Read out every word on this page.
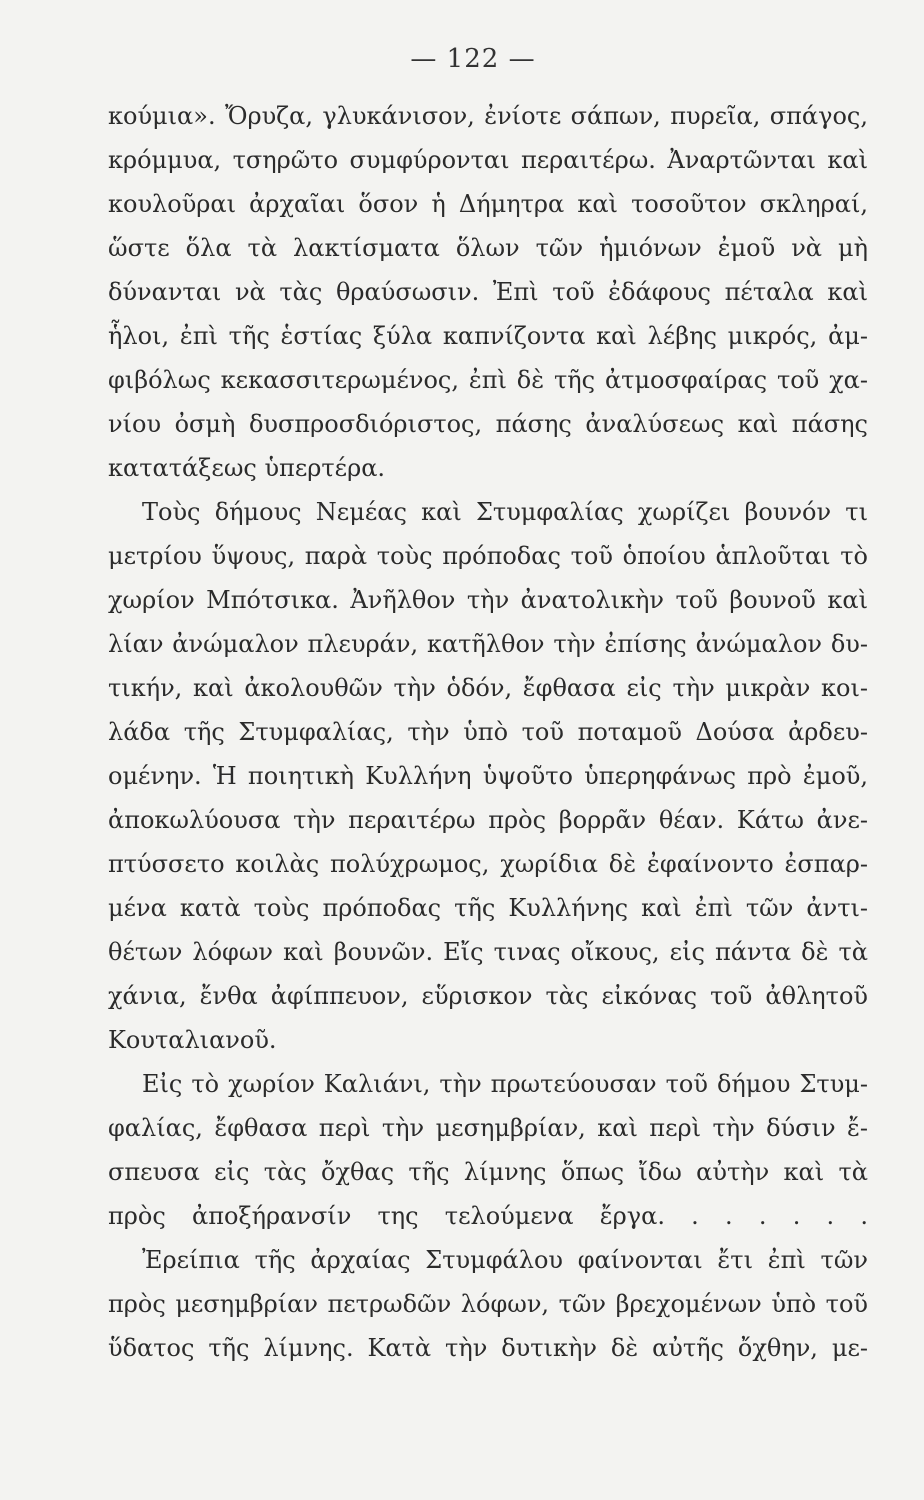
— 122 —
κούμια». Ὄρυζα, γλυκάνισον, ἐνίοτε σάπων, πυρεῖα, σπάγος,
κρόμμυα, τσηρῶτο συμφύρονται περαιτέρω. Ἀναρτῶνται καὶ
κουλοῦραι ἀρχαῖαι ὅσον ἡ Δήμητρα καὶ τοσοῦτον σκληραί,
ὥστε ὅλα τὰ λακτίσματα ὅλων τῶν ἡμιόνων ἐμοῦ νὰ μὴ
δύνανται νὰ τὰς θραύσωσιν. Ἐπὶ τοῦ ἐδάφους πέταλα καὶ
ἧλοι, ἐπὶ τῆς ἑστίας ξύλα καπνίζοντα καὶ λέβης μικρός, ἀμ-
φιβόλως κεκασσιτερωμένος, ἐπὶ δὲ τῆς ἀτμοσφαίρας τοῦ χα-
νίου ὀσμὴ δυσπροσδιόριστος, πάσης ἀναλύσεως καὶ πάσης
κατατάξεως ὑπερτέρα.
Τοὺς δήμους Νεμέας καὶ Στυμφαλίας χωρίζει βουνόν τι
μετρίου ὕψους, παρὰ τοὺς πρόποδας τοῦ ὁποίου ἁπλοῦται τὸ
χωρίον Μπότσικα. Ἀνῆλθον τὴν ἀνατολικὴν τοῦ βουνοῦ καὶ
λίαν ἀνώμαλον πλευράν, κατῆλθον τὴν ἐπίσης ἀνώμαλον δυ-
τικήν, καὶ ἀκολουθῶν τὴν ὁδόν, ἔφθασα εἰς τὴν μικρὰν κοι-
λάδα τῆς Στυμφαλίας, τὴν ὑπὸ τοῦ ποταμοῦ Δούσα ἀρδευ-
ομένην. Ἡ ποιητικὴ Κυλλήνη ὑψοῦτο ὑπερηφάνως πρὸ ἐμοῦ,
ἀποκωλύουσα τὴν περαιτέρω πρὸς βορρᾶν θέαν. Κάτω ἀνε-
πτύσσετο κοιλὰς πολύχρωμος, χωρίδια δὲ ἐφαίνοντο ἐσπαρ-
μένα κατὰ τοὺς πρόποδας τῆς Κυλλήνης καὶ ἐπὶ τῶν ἀντι-
θέτων λόφων καὶ βουνῶν. Εἴς τινας οἴκους, εἰς πάντα δὲ τὰ
χάνια, ἔνθα ἀφίππευον, εὕρισκον τὰς εἰκόνας τοῦ ἀθλητοῦ
Κουταλιανοῦ.
Εἰς τὸ χωρίον Καλιάνι, τὴν πρωτεύουσαν τοῦ δήμου Στυμ-
φαλίας, ἔφθασα περὶ τὴν μεσημβρίαν, καὶ περὶ τὴν δύσιν ἔ-
σπευσα εἰς τὰς ὄχθας τῆς λίμνης ὅπως ἴδω αὐτὴν καὶ τὰ
πρὸς ἀποξήρανσίν της τελούμενα ἔργα. . . . . . .
Ἐρείπια τῆς ἀρχαίας Στυμφάλου φαίνονται ἔτι ἐπὶ τῶν
πρὸς μεσημβρίαν πετρωδῶν λόφων, τῶν βρεχομένων ὑπὸ τοῦ
ὕδατος τῆς λίμνης. Κατὰ τὴν δυτικὴν δὲ αὐτῆς ὄχθην, με-
